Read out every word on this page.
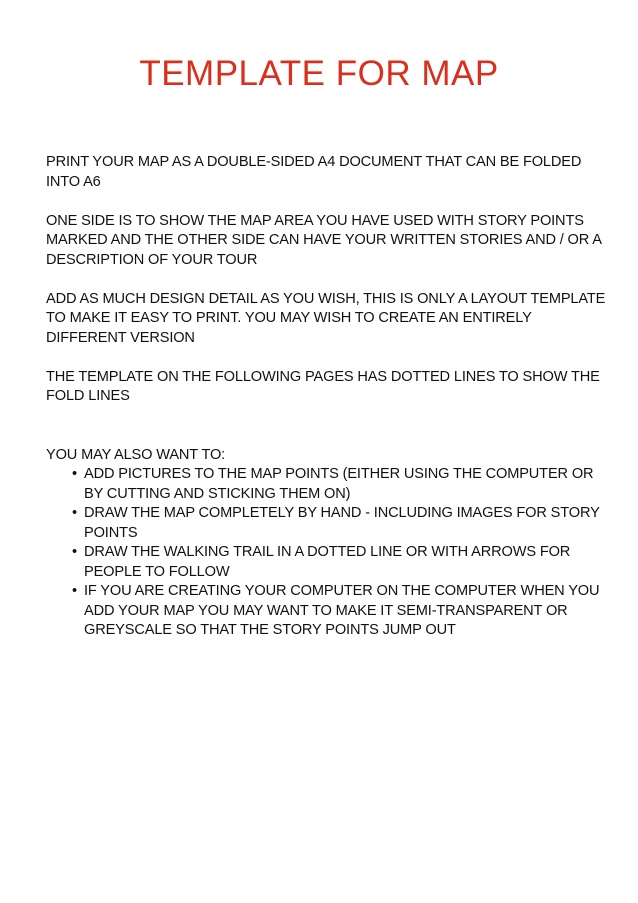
TEMPLATE FOR MAP

PRINT YOUR MAP AS A DOUBLE-SIDED A4 DOCUMENT THAT CAN BE FOLDED INTO A6

ONE SIDE IS TO SHOW THE MAP AREA YOU HAVE USED WITH STORY POINTS MARKED AND THE OTHER SIDE CAN HAVE YOUR WRITTEN STORIES AND / OR A DESCRIPTION OF YOUR TOUR

ADD AS MUCH DESIGN DETAIL AS YOU WISH, THIS IS ONLY A LAYOUT TEMPLATE TO MAKE IT EASY TO PRINT. YOU MAY WISH TO CREATE AN ENTIRELY DIFFERENT VERSION

THE TEMPLATE ON THE FOLLOWING PAGES HAS DOTTED LINES TO SHOW THE FOLD LINES

YOU MAY ALSO WANT TO:

• ADD PICTURES TO THE MAP POINTS (EITHER USING THE COMPUTER OR BY CUTTING AND STICKING THEM ON)
• DRAW THE MAP COMPLETELY BY HAND - INCLUDING IMAGES FOR STORY POINTS
• DRAW THE WALKING TRAIL IN A DOTTED LINE OR WITH ARROWS FOR PEOPLE TO FOLLOW
• IF YOU ARE CREATING YOUR COMPUTER ON THE COMPUTER WHEN YOU ADD YOUR MAP YOU MAY WANT TO MAKE IT SEMI-TRANSPARENT OR GREYSCALE SO THAT THE STORY POINTS JUMP OUT
